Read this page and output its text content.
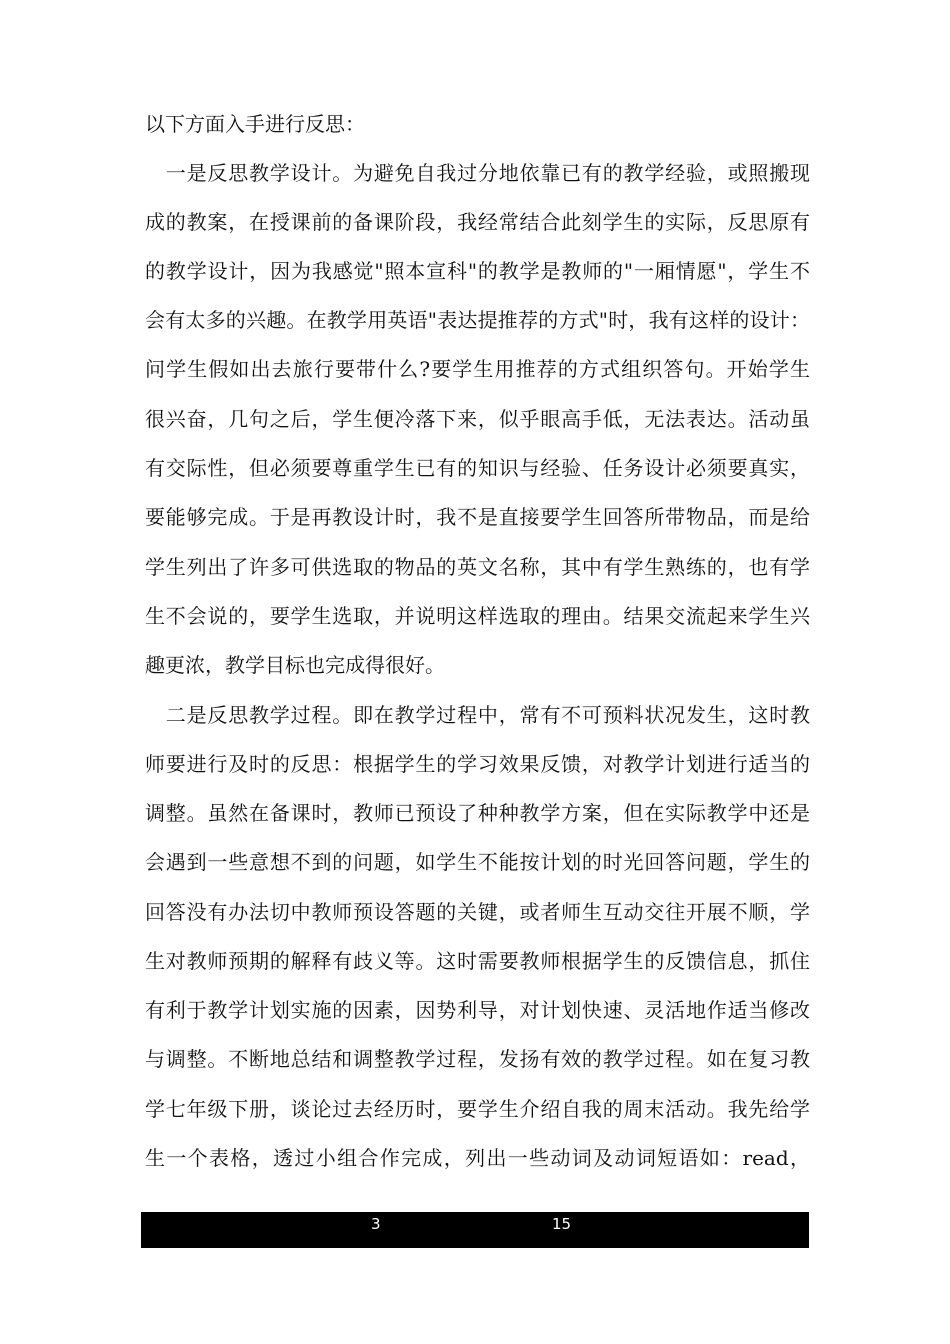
以下方面入手进行反思：
　一是反思教学设计。为避免自我过分地依靠已有的教学经验，或照搬现
成的教案，在授课前的备课阶段，我经常结合此刻学生的实际，反思原有
的教学设计，因为我感觉"照本宣科"的教学是教师的"一厢情愿"，学生不
会有太多的兴趣。在教学用英语"表达提推荐的方式"时，我有这样的设计：
问学生假如出去旅行要带什么?要学生用推荐的方式组织答句。开始学生
很兴奋，几句之后，学生便冷落下来，似乎眼高手低，无法表达。活动虽
有交际性，但必须要尊重学生已有的知识与经验、任务设计必须要真实，
要能够完成。于是再教设计时，我不是直接要学生回答所带物品，而是给
学生列出了许多可供选取的物品的英文名称，其中有学生熟练的，也有学
生不会说的，要学生选取，并说明这样选取的理由。结果交流起来学生兴
趣更浓，教学目标也完成得很好。
　二是反思教学过程。即在教学过程中，常有不可预料状况发生，这时教
师要进行及时的反思：根据学生的学习效果反馈，对教学计划进行适当的
调整。虽然在备课时，教师已预设了种种教学方案，但在实际教学中还是
会遇到一些意想不到的问题，如学生不能按计划的时光回答问题，学生的
回答没有办法切中教师预设答题的关键，或者师生互动交往开展不顺，学
生对教师预期的解释有歧义等。这时需要教师根据学生的反馈信息，抓住
有利于教学计划实施的因素，因势利导，对计划快速、灵活地作适当修改
与调整。不断地总结和调整教学过程，发扬有效的教学过程。如在复习教
学七年级下册，谈论过去经历时，要学生介绍自我的周末活动。我先给学
生一个表格，透过小组合作完成，列出一些动词及动词短语如：read，
3	15
